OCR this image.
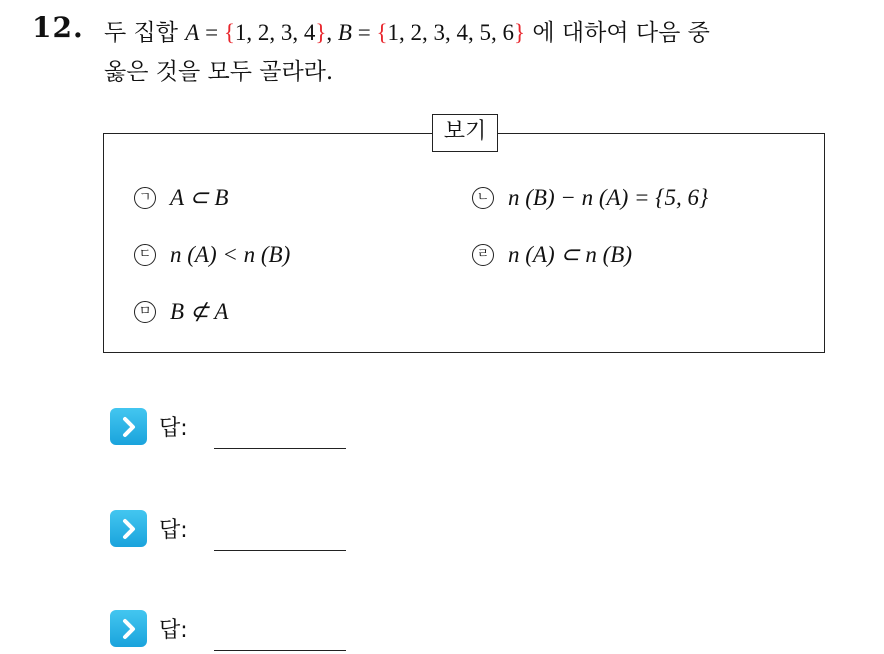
12. 두 집합 A = {1, 2, 3, 4}, B = {1, 2, 3, 4, 5, 6} 에 대하여 다음 중
옳은 것을 모두 골라라.
보기
ㄱ A ⊂ B	ㄴ n (B) − n (A) = {5, 6}
ㄷ n (A) < n (B)	ㄹ n (A) ⊂ n (B)
ㅁ B ⊄ A
답:
답:
답:
